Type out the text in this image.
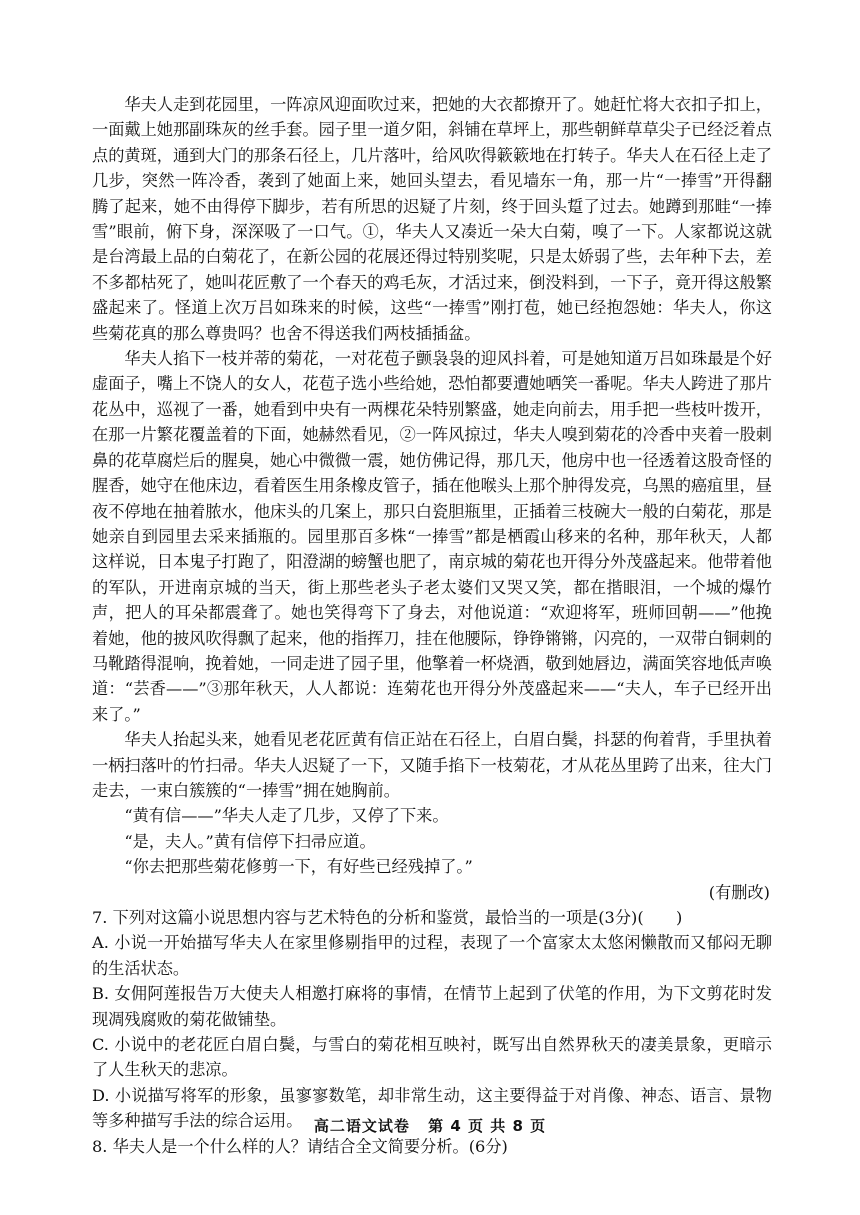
华夫人走到花园里，一阵凉风迎面吹过来，把她的大衣都撩开了。她赶忙将大衣扣子扣上，一面戴上她那副珠灰的丝手套。园子里一道夕阳，斜铺在草坪上，那些朝鲜草草尖子已经泛着点点的黄斑，通到大门的那条石径上，几片落叶，给风吹得簌簌地在打转子。华夫人在石径上走了几步，突然一阵冷香，袭到了她面上来，她回头望去，看见墙东一角，那一片“一捧雪”开得翻腾了起来，她不由得停下脚步，若有所思的迟疑了片刻，终于回头踅了过去。她蹲到那畦“一捧雪”眼前，俯下身，深深吸了一口气。①，华夫人又凑近一朵大白菊，嗅了一下。人家都说这就是台湾最上品的白菊花了，在新公园的花展还得过特别奖呢，只是太娇弱了些，去年种下去，差不多都枯死了，她叫花匠敷了一个春天的鸡毛灰，才活过来，倒没料到，一下子，竟开得这般繁盛起来了。怪道上次万吕如珠来的时候，这些“一捧雪”刚打苞，她已经抱怨她：华夫人，你这些菊花真的那么尊贵吗？也舍不得送我们两枝插插盆。

华夫人掐下一枝并蒂的菊花，一对花苞子颤袅袅的迎风抖着，可是她知道万吕如珠最是个好虚面子，嘴上不饶人的女人，花苞子选小些给她，恐怕都要遭她哂笑一番呢。华夫人跨进了那片花丛中，巡视了一番，她看到中央有一两棵花朵特别繁盛，她走向前去，用手把一些枝叶拨开，在那一片繁花覆盖着的下面，她赫然看见，②一阵风掠过，华夫人嗅到菊花的冷香中夹着一股刺鼻的花草腐烂后的腥臭，她心中微微一震，她仿佛记得，那几天，他房中也一径透着这股奇怪的腥香，她守在他床边，看着医生用条橡皮管子，插在他喉头上那个肿得发亮，乌黑的癌疽里，昼夜不停地在抽着脓水，他床头的几案上，那只白瓷胆瓶里，正插着三枝碗大一般的白菊花，那是她亲自到园里去采来插瓶的。园里那百多株“一捧雪”都是栖霞山移来的名种，那年秋天，人都这样说，日本鬼子打跑了，阳澄湖的螃蟹也肥了，南京城的菊花也开得分外茂盛起来。他带着他的军队，开进南京城的当天，街上那些老头子老太婆们又哭又笑，都在揩眼泪，一个城的爆竹声，把人的耳朵都震聋了。她也笑得弯下了身去，对他说道：“欢迎将军，班师回朝——”他挽着她，他的披风吹得飘了起来，他的指挥刀，挂在他腰际，铮铮锵锵，闪亮的，一双带白铜刺的马靴踏得混响，挽着她，一同走进了园子里，他擎着一杯烧酒，敬到她唇边，满面笑容地低声唤道：“芸香——”③那年秋天，人人都说：连菊花也开得分外茂盛起来——“夫人，车子已经开出来了。”

华夫人抬起头来，她看见老花匠黄有信正站在石径上，白眉白鬓，抖瑟的佝着背，手里执着一柄扫落叶的竹扫帚。华夫人迟疑了一下，又随手掐下一枝菊花，才从花丛里跨了出来，往大门走去，一束白簇簇的“一捧雪”拥在她胸前。

“黄有信——”华夫人走了几步，又停了下来。

“是，夫人。”黄有信停下扫帚应道。

“你去把那些菊花修剪一下，有好些已经残掉了。”

(有删改)

7. 下列对这篇小说思想内容与艺术特色的分析和鉴赏，最恰当的一项是(3分)(　　)

A. 小说一开始描写华夫人在家里修剔指甲的过程，表现了一个富家太太悠闲懒散而又郁闷无聊的生活状态。

B. 女佣阿莲报告万大使夫人相邀打麻将的事情，在情节上起到了伏笔的作用，为下文剪花时发现凋残腐败的菊花做铺垫。

C. 小说中的老花匠白眉白鬓，与雪白的菊花相互映衬，既写出自然界秋天的凄美景象，更暗示了人生秋天的悲凉。

D. 小说描写将军的形象，虽寥寥数笔，却非常生动，这主要得益于对肖像、神态、语言、景物等多种描写手法的综合运用。

8. 华夫人是一个什么样的人？请结合全文简要分析。(6分)

高二语文试卷 第 4 页 共 8 页
